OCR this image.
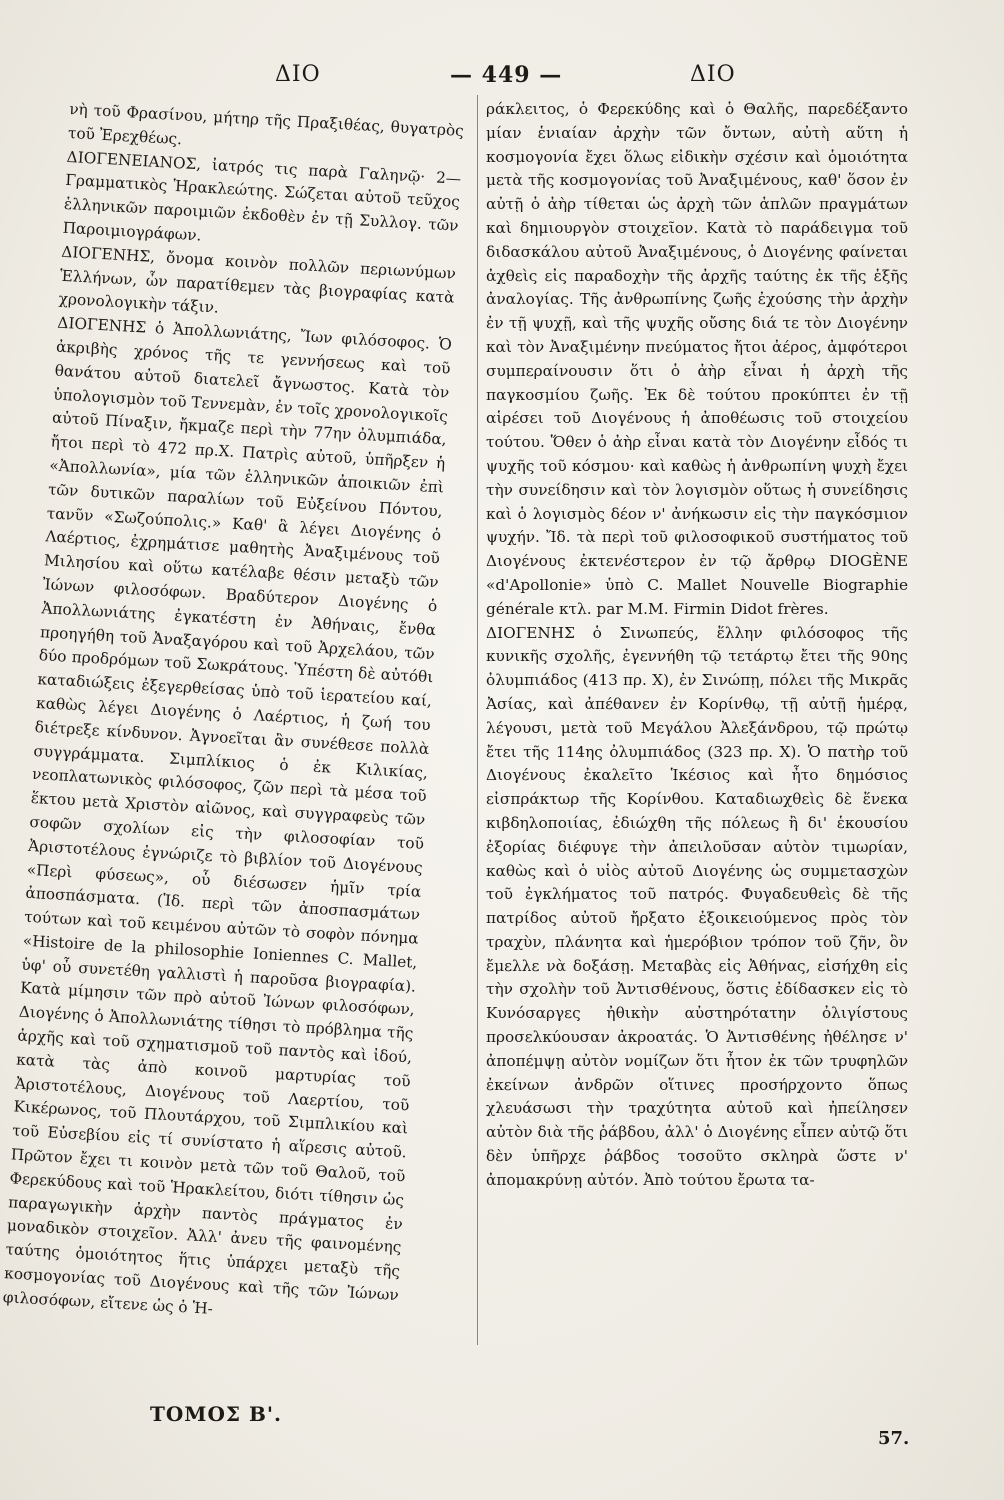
ΔΙΟ	— 449 —	ΔΙΟ

νὴ τοῦ Φρασίνου, μήτηρ τῆς Πραξιθέας, θυγατρὸς τοῦ Ἐρεχθέως.

ΔΙΟΓΕΝΕΙΑΝΟΣ, ἰατρός τις παρὰ Γαληνῷ· 2—Γραμματικὸς Ἡρακλεώτης. Σώζεται αὐτοῦ τεῦχος ἑλληνικῶν παροιμιῶν ἐκδοθὲν ἐν τῇ Συλλογ. τῶν Παροιμιογράφων.

ΔΙΟΓΕΝΗΣ, ὄνομα κοινὸν πολλῶν περιωνύμων Ἑλλήνων, ὧν παρατίθεμεν τὰς βιογραφίας κατὰ χρονολογικὴν τάξιν.

ΔΙΟΓΕΝΗΣ ὁ Ἀπολλωνιάτης, Ἴων φιλόσοφος. Ὁ ἀκριβὴς χρόνος τῆς τε γεννήσεως καὶ τοῦ θανάτου αὐτοῦ διατελεῖ ἄγνωστος. Κατὰ τὸν ὑπολογισμὸν τοῦ Τεννεμὰν, ἐν τοῖς χρονολογικοῖς αὐτοῦ Πίναξιν, ἤκμαζε περὶ τὴν 77ην ὀλυμπιάδα, ἤτοι περὶ τὸ 472 πρ.Χ. Πατρὶς αὐτοῦ, ὑπῆρξεν ἡ «Ἀπολλωνία», μία τῶν ἑλληνικῶν ἀποικιῶν ἐπὶ τῶν δυτικῶν παραλίων τοῦ Εὐξείνου Πόντου, τανῦν «Σωζούπολις.» Καθ' ἃ λέγει Διογένης ὁ Λαέρτιος, ἐχρημάτισε μαθητὴς Ἀναξιμένους τοῦ Μιλησίου καὶ οὕτω κατέλαβε θέσιν μεταξὺ τῶν Ἰώνων φιλοσόφων. Βραδύτερον Διογένης ὁ Ἀπολλωνιάτης ἐγκατέστη ἐν Ἀθήναις, ἔνθα προηγήθη τοῦ Ἀναξαγόρου καὶ τοῦ Ἀρχελάου, τῶν δύο προδρόμων τοῦ Σωκράτους. Ὑπέστη δὲ αὐτόθι καταδιώξεις ἐξεγερθείσας ὑπὸ τοῦ ἱερατείου καί, καθὼς λέγει Διογένης ὁ Λαέρτιος, ἡ ζωή του διέτρεξε κίνδυνον. Ἀγνοεῖται ἂν συνέθεσε πολλὰ συγγράμματα. Σιμπλίκιος ὁ ἐκ Κιλικίας, νεοπλατωνικὸς φιλόσοφος, ζῶν περὶ τὰ μέσα τοῦ ἕκτου μετὰ Χριστὸν αἰῶνος, καὶ συγγραφεὺς τῶν σοφῶν σχολίων εἰς τὴν φιλοσοφίαν τοῦ Ἀριστοτέλους ἐγνώριζε τὸ βιβλίον τοῦ Διογένους «Περὶ φύσεως», οὗ διέσωσεν ἡμῖν τρία ἀποσπάσματα. (Ἰδ. περὶ τῶν ἀποσπασμάτων τούτων καὶ τοῦ κειμένου αὐτῶν τὸ σοφὸν πόνημα «Histoire de la philosophie Ioniennes C. Mallet, ὑφ' οὗ συνετέθη γαλλιστὶ ἡ παροῦσα βιογραφία). Κατὰ μίμησιν τῶν πρὸ αὐτοῦ Ἰώνων φιλοσόφων, Διογένης ὁ Ἀπολλωνιάτης τίθησι τὸ πρόβλημα τῆς ἀρχῆς καὶ τοῦ σχηματισμοῦ τοῦ παντὸς καὶ ἰδού, κατὰ τὰς ἀπὸ κοινοῦ μαρτυρίας τοῦ Ἀριστοτέλους, Διογένους τοῦ Λαερτίου, τοῦ Κικέρωνος, τοῦ Πλουτάρχου, τοῦ Σιμπλικίου καὶ τοῦ Εὐσεβίου εἰς τί συνίστατο ἡ αἵρεσις αὐτοῦ. Πρῶτον ἔχει τι κοινὸν μετὰ τῶν τοῦ Θαλοῦ, τοῦ Φερεκύδους καὶ τοῦ Ἡρακλείτου, διότι τίθησιν ὡς παραγωγικὴν ἀρχὴν παντὸς πράγματος ἐν μοναδικὸν στοιχεῖον. Ἀλλ' ἀνευ τῆς φαινομένης ταύτης ὁμοιότητος ἥτις ὑπάρχει μεταξὺ τῆς κοσμογονίας τοῦ Διογένους καὶ τῆς τῶν Ἰώνων φιλοσόφων, εἴτενε ὡς ὁ Ἡ-

ράκλειτος, ὁ Φερεκύδης καὶ ὁ Θαλῆς, παρεδέξαντο μίαν ἑνιαίαν ἀρχὴν τῶν ὄντων, αὐτὴ αὕτη ἡ κοσμογονία ἔχει ὅλως εἰδικὴν σχέσιν καὶ ὁμοιότητα μετὰ τῆς κοσμογονίας τοῦ Ἀναξιμένους, καθ' ὅσον ἐν αὐτῇ ὁ ἀὴρ τίθεται ὡς ἀρχὴ τῶν ἁπλῶν πραγμάτων καὶ δημιουργὸν στοιχεῖον. Κατὰ τὸ παράδειγμα τοῦ διδασκάλου αὐτοῦ Ἀναξιμένους, ὁ Διογένης φαίνεται ἀχθεὶς εἰς παραδοχὴν τῆς ἀρχῆς ταύτης ἐκ τῆς ἑξῆς ἀναλογίας. Τῆς ἀνθρωπίνης ζωῆς ἐχούσης τὴν ἀρχὴν ἐν τῇ ψυχῇ, καὶ τῆς ψυχῆς οὔσης διά τε τὸν Διογένην καὶ τὸν Ἀναξιμένην πνεύματος ἤτοι ἀέρος, ἀμφότεροι συμπεραίνουσιν ὅτι ὁ ἀὴρ εἶναι ἡ ἀρχὴ τῆς παγκοσμίου ζωῆς. Ἐκ δὲ τούτου προκύπτει ἐν τῇ αἱρέσει τοῦ Διογένους ἡ ἀποθέωσις τοῦ στοιχείου τούτου. Ὅθεν ὁ ἀὴρ εἶναι κατὰ τὸν Διογένην εἶδός τι ψυχῆς τοῦ κόσμου· καὶ καθὼς ἡ ἀνθρωπίνη ψυχὴ ἔχει τὴν συνείδησιν καὶ τὸν λογισμὸν οὕτως ἡ συνείδησις καὶ ὁ λογισμὸς δέον ν' ἀνήκωσιν εἰς τὴν παγκόσμιον ψυχήν. Ἴδ. τὰ περὶ τοῦ φιλοσοφικοῦ συστήματος τοῦ Διογένους ἐκτενέστερον ἐν τῷ ἄρθρῳ DIOGÈNE «d'Apollonie» ὑπὸ C. Mallet Nouvelle Biographie générale κτλ. par M.M. Firmin Didot frères.

ΔΙΟΓΕΝΗΣ ὁ Σινωπεύς, ἕλλην φιλόσοφος τῆς κυνικῆς σχολῆς, ἐγεννήθη τῷ τετάρτῳ ἔτει τῆς 90ης ὀλυμπιάδος (413 πρ. Χ), ἐν Σινώπῃ, πόλει τῆς Μικρᾶς Ἀσίας, καὶ ἀπέθανεν ἐν Κορίνθῳ, τῇ αὐτῇ ἡμέρᾳ, λέγουσι, μετὰ τοῦ Μεγάλου Ἀλεξάνδρου, τῷ πρώτῳ ἔτει τῆς 114ης ὀλυμπιάδος (323 πρ. Χ). Ὁ πατὴρ τοῦ Διογένους ἐκαλεῖτο Ἱκέσιος καὶ ἦτο δημόσιος εἰσπράκτωρ τῆς Κορίνθου. Καταδιωχθεὶς δὲ ἕνεκα κιβδηλοποιίας, ἐδιώχθη τῆς πόλεως ἢ δι' ἑκουσίου ἐξορίας διέφυγε τὴν ἀπειλοῦσαν αὐτὸν τιμωρίαν, καθὼς καὶ ὁ υἱὸς αὐτοῦ Διογένης ὡς συμμετασχὼν τοῦ ἐγκλήματος τοῦ πατρός. Φυγαδευθεὶς δὲ τῆς πατρίδος αὐτοῦ ἤρξατο ἐξοικειούμενος πρὸς τὸν τραχὺν, πλάνητα καὶ ἡμερόβιον τρόπον τοῦ ζῆν, ὃν ἔμελλε νὰ δοξάσῃ. Μεταβὰς εἰς Ἀθήνας, εἰσήχθη εἰς τὴν σχολὴν τοῦ Ἀντισθένους, ὅστις ἐδίδασκεν εἰς τὸ Κυνόσαργες ἠθικὴν αὐστηρότατην ὀλιγίστους προσελκύουσαν ἀκροατάς. Ὁ Ἀντισθένης ἠθέλησε ν' ἀποπέμψῃ αὐτὸν νομίζων ὅτι ἦτον ἐκ τῶν τρυφηλῶν ἐκείνων ἀνδρῶν οἵτινες προσήρχοντο ὅπως χλευάσωσι τὴν τραχύτητα αὐτοῦ καὶ ἠπείλησεν αὐτὸν διὰ τῆς ῥάβδου, ἀλλ' ὁ Διογένης εἶπεν αὐτῷ ὅτι δὲν ὑπῆρχε ῥάβδος τοσοῦτο σκληρὰ ὥστε ν' ἀπομακρύνῃ αὐτόν. Ἀπὸ τούτου ἔρωτα τα-

ΤΟΜΟΣ Β'.
57.
